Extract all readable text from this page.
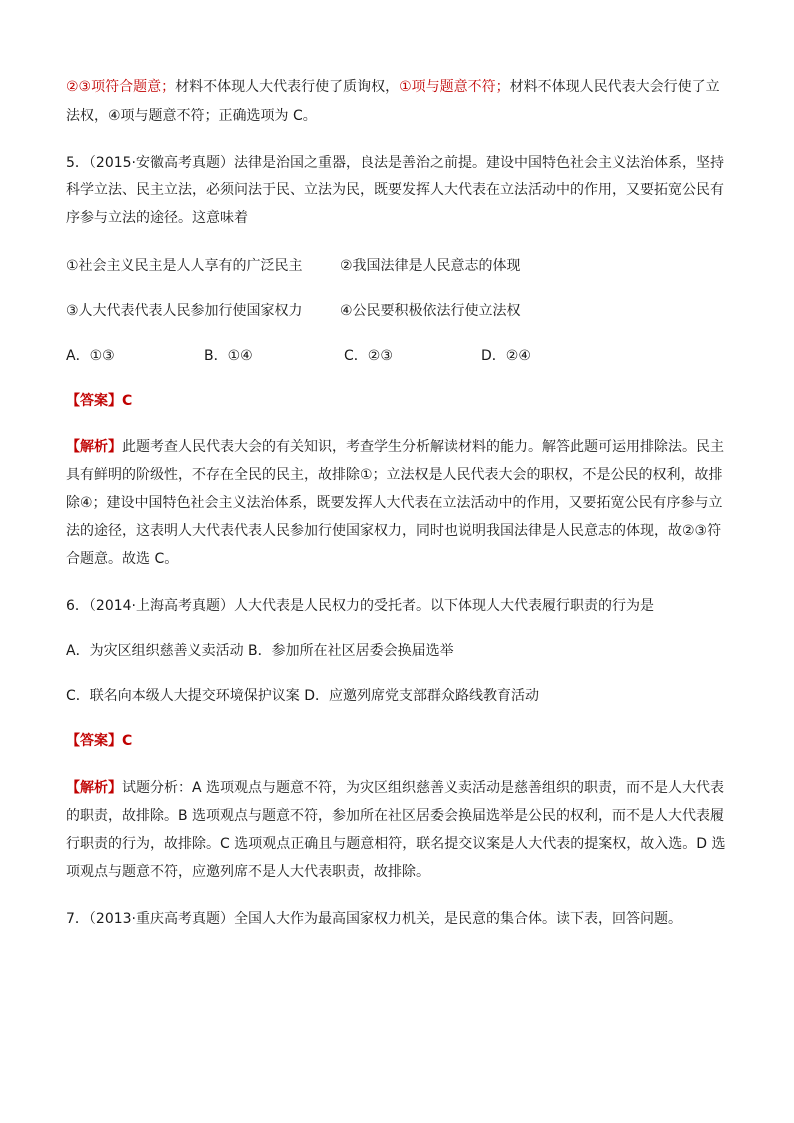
②③项符合题意；材料不体现人大代表行使了质询权，①项与题意不符；材料不体现人民代表大会行使了立
法权，④项与题意不符；正确选项为 C。
5．（2015·安徽高考真题）法律是治国之重器，良法是善治之前提。建设中国特色社会主义法治体系，坚持
科学立法、民主立法，必须问法于民、立法为民，既要发挥人大代表在立法活动中的作用，又要拓宽公民有
序参与立法的途径。这意味着
①社会主义民主是人人享有的广泛民主	②我国法律是人民意志的体现
③人大代表代表人民参加行使国家权力	④公民要积极依法行使立法权
A．①③	B．①④	C．②③	D．②④
【答案】C
【解析】此题考查人民代表大会的有关知识，考查学生分析解读材料的能力。解答此题可运用排除法。民主
具有鲜明的阶级性，不存在全民的民主，故排除①；立法权是人民代表大会的职权，不是公民的权利，故排
除④；建设中国特色社会主义法治体系，既要发挥人大代表在立法活动中的作用，又要拓宽公民有序参与立
法的途径，这表明人大代表代表人民参加行使国家权力，同时也说明我国法律是人民意志的体现，故②③符
合题意。故选 C。
6．（2014·上海高考真题）人大代表是人民权力的受托者。以下体现人大代表履行职责的行为是
A．为灾区组织慈善义卖活动 B．参加所在社区居委会换届选举
C．联名向本级人大提交环境保护议案 D．应邀列席党支部群众路线教育活动
【答案】C
【解析】试题分析：A 选项观点与题意不符，为灾区组织慈善义卖活动是慈善组织的职责，而不是人大代表
的职责，故排除。B 选项观点与题意不符，参加所在社区居委会换届选举是公民的权利，而不是人大代表履
行职责的行为，故排除。C 选项观点正确且与题意相符，联名提交议案是人大代表的提案权，故入选。D 选
项观点与题意不符，应邀列席不是人大代表职责，故排除。
7．（2013·重庆高考真题）全国人大作为最高国家权力机关，是民意的集合体。读下表，回答问题。
